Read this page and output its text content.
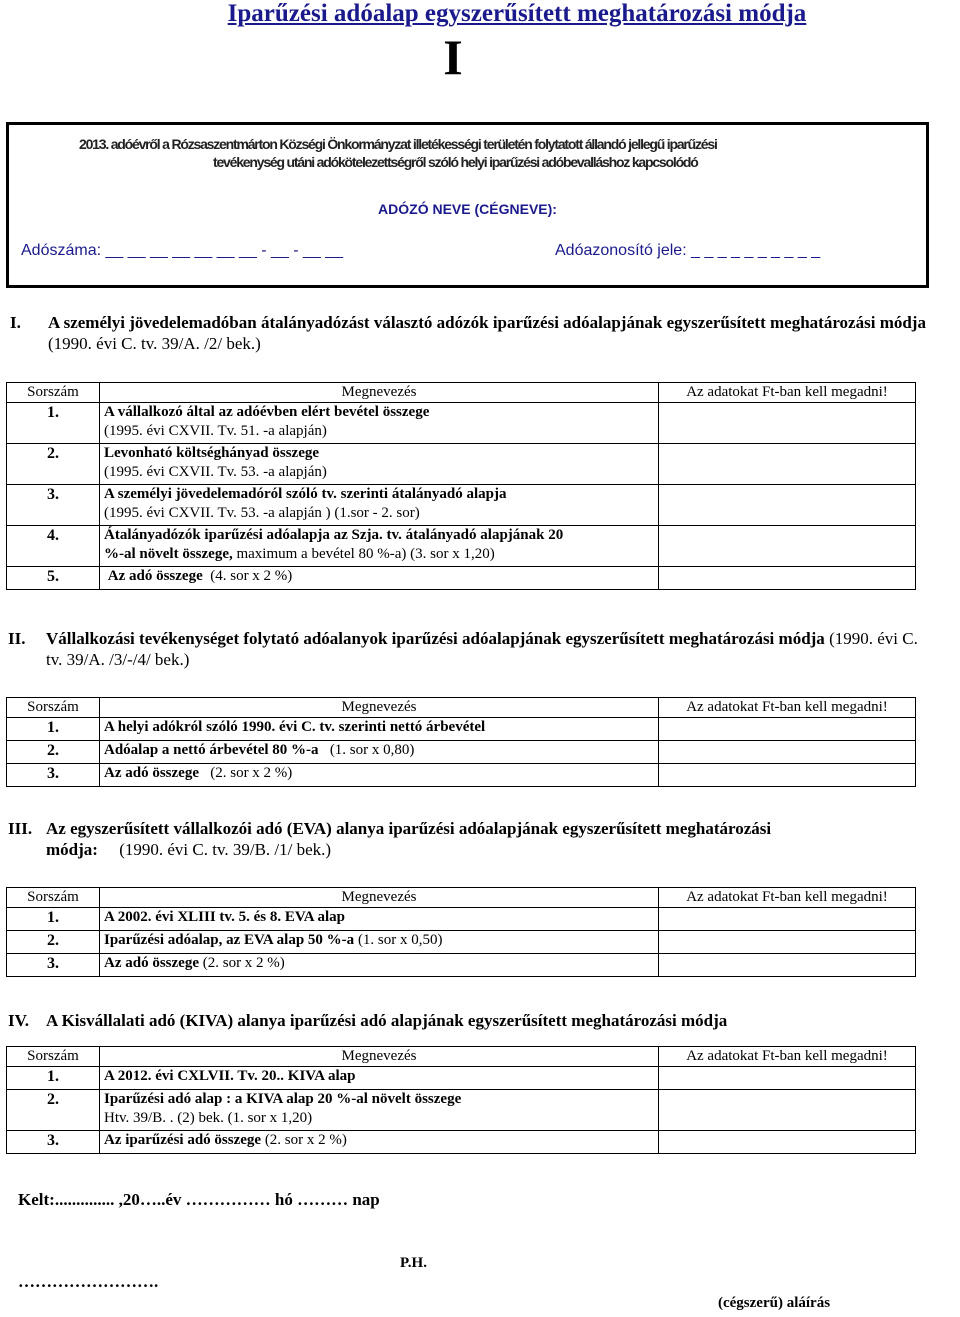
Iparűzési adóalap egyszerűsített meghatározási módja
I
2013. adóévről a Rózsaszentmárton Községi Önkormányzat illetékességi területén folytatott állandó jellegű iparűzési
tevékenység utáni adókötelezettségről szóló helyi iparűzési adóbevalláshoz kapcsolódó
ADÓZÓ NEVE (CÉGNEVE):
Adószáma: __ __ __ __ __ __ __ - __ - __ __	Adóazonosító jele: _ _ _ _ _ _ _ _ _ _
I. A személyi jövedelemadóban átalányadózást választó adózók iparűzési adóalapjának egyszerűsített meghatározási módja (1990. évi C. tv. 39/A. /2/ bek.)
Sorszám	Megnevezés	Az adatokat Ft-ban kell megadni!
1.	A vállalkozó által az adóévben elért bevétel összege
(1995. évi CXVII. Tv. 51. -a alapján)	
2.	Levonható költséghányad összege
(1995. évi CXVII. Tv. 53. -a alapján)	
3.	A személyi jövedelemadóról szóló tv. szerinti átalányadó alapja
(1995. évi CXVII. Tv. 53. -a alapján ) (1.sor - 2. sor)	
4.	Átalányadózók iparűzési adóalapja az Szja. tv. átalányadó alapjának 20
%-al növelt összege, maximum a bevétel 80 %-a) (3. sor x 1,20)	
5.	Az adó összege (4. sor x 2 %)	
II. Vállalkozási tevékenységet folytató adóalanyok iparűzési adóalapjának egyszerűsített meghatározási módja (1990. évi C. tv. 39/A. /3/-/4/ bek.)
Sorszám	Megnevezés	Az adatokat Ft-ban kell megadni!
1.	A helyi adókról szóló 1990. évi C. tv. szerinti nettó árbevétel	
2.	Adóalap a nettó árbevétel 80 %-a (1. sor x 0,80)	
3.	Az adó összege (2. sor x 2 %)	
III. Az egyszerűsített vállalkozói adó (EVA) alanya iparűzési adóalapjának egyszerűsített meghatározási
módja: (1990. évi C. tv. 39/B. /1/ bek.)
Sorszám	Megnevezés	Az adatokat Ft-ban kell megadni!
1.	A 2002. évi XLIII tv. 5. és 8. EVA alap	
2.	Iparűzési adóalap, az EVA alap 50 %-a (1. sor x 0,50)	
3.	Az adó összege (2. sor x 2 %)	
IV. A Kisvállalati adó (KIVA) alanya iparűzési adó alapjának egyszerűsített meghatározási módja
Sorszám	Megnevezés	Az adatokat Ft-ban kell megadni!
1.	A 2012. évi CXLVII. Tv. 20.. KIVA alap	
2.	Iparűzési adó alap : a KIVA alap 20 %-al növelt összege
Htv. 39/B. . (2) bek. (1. sor x 1,20)	
3.	Az iparűzési adó összege (2. sor x 2 %)	
Kelt:.............. ,20…..év …………… hó ……… nap
P.H.
…………………….
(cégszerű) aláírás
